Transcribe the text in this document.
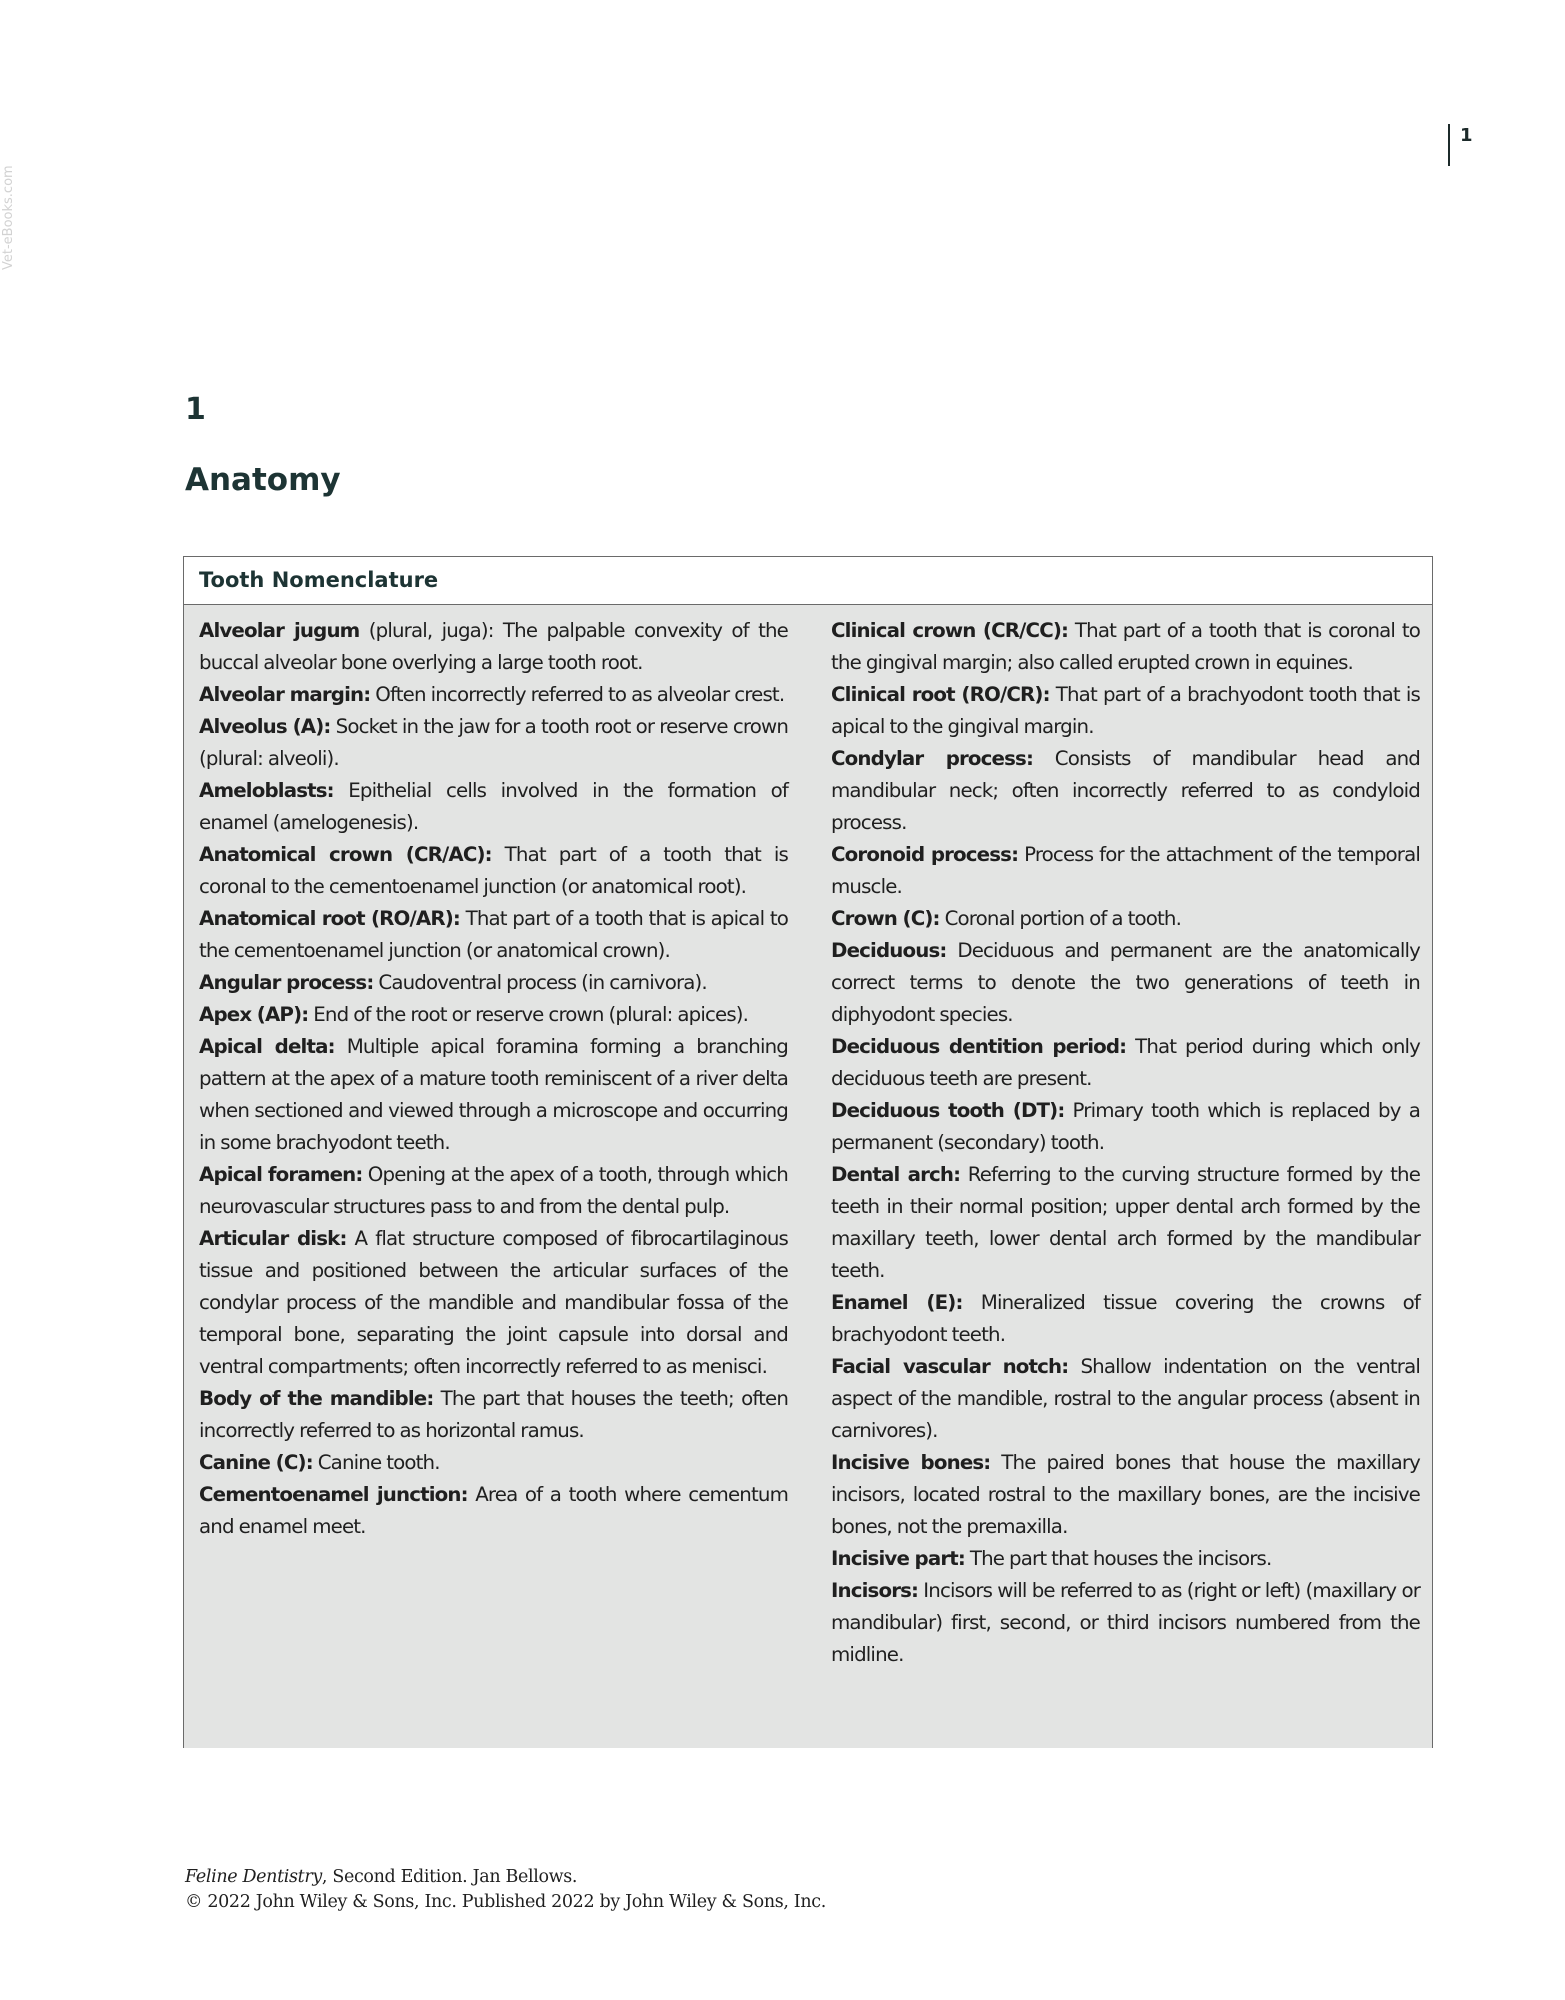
Vet-eBooks.com
1
1
Anatomy
Tooth Nomenclature

Alveolar jugum (plural, juga): The palpable convexity of the buccal alveolar bone overlying a large tooth root.

Alveolar margin: Often incorrectly referred to as alveolar crest.

Alveolus (A): Socket in the jaw for a tooth root or reserve crown (plural: alveoli).

Ameloblasts: Epithelial cells involved in the formation of enamel (amelogenesis).

Anatomical crown (CR/AC): That part of a tooth that is coronal to the cementoenamel junction (or anatomical root).

Anatomical root (RO/AR): That part of a tooth that is apical to the cementoenamel junction (or anatomical crown).

Angular process: Caudoventral process (in carnivora).

Apex (AP): End of the root or reserve crown (plural: apices).

Apical delta: Multiple apical foramina forming a branching pattern at the apex of a mature tooth reminiscent of a river delta when sectioned and viewed through a microscope and occurring in some brachyodont teeth.

Apical foramen: Opening at the apex of a tooth, through which neurovascular structures pass to and from the dental pulp.

Articular disk: A flat structure composed of fibrocartilaginous tissue and positioned between the articular surfaces of the condylar process of the mandible and mandibular fossa of the temporal bone, separating the joint capsule into dorsal and ventral compartments; often incorrectly referred to as menisci.

Body of the mandible: The part that houses the teeth; often incorrectly referred to as horizontal ramus.

Canine (C): Canine tooth.

Cementoenamel junction: Area of a tooth where cementum and enamel meet.

Clinical crown (CR/CC): That part of a tooth that is coronal to the gingival margin; also called erupted crown in equines.

Clinical root (RO/CR): That part of a brachyodont tooth that is apical to the gingival margin.

Condylar process: Consists of mandibular head and mandibular neck; often incorrectly referred to as condyloid process.

Coronoid process: Process for the attachment of the temporal muscle.

Crown (C): Coronal portion of a tooth.

Deciduous: Deciduous and permanent are the anatomically correct terms to denote the two generations of teeth in diphyodont species.

Deciduous dentition period: That period during which only deciduous teeth are present.

Deciduous tooth (DT): Primary tooth which is replaced by a permanent (secondary) tooth.

Dental arch: Referring to the curving structure formed by the teeth in their normal position; upper dental arch formed by the maxillary teeth, lower dental arch formed by the mandibular teeth.

Enamel (E): Mineralized tissue covering the crowns of brachyodont teeth.

Facial vascular notch: Shallow indentation on the ventral aspect of the mandible, rostral to the angular process (absent in carnivores).

Incisive bones: The paired bones that house the maxillary incisors, located rostral to the maxillary bones, are the incisive bones, not the premaxilla.

Incisive part: The part that houses the incisors.

Incisors: Incisors will be referred to as (right or left) (maxillary or mandibular) first, second, or third incisors numbered from the midline.

Feline Dentistry, Second Edition. Jan Bellows.
© 2022 John Wiley & Sons, Inc. Published 2022 by John Wiley & Sons, Inc.
